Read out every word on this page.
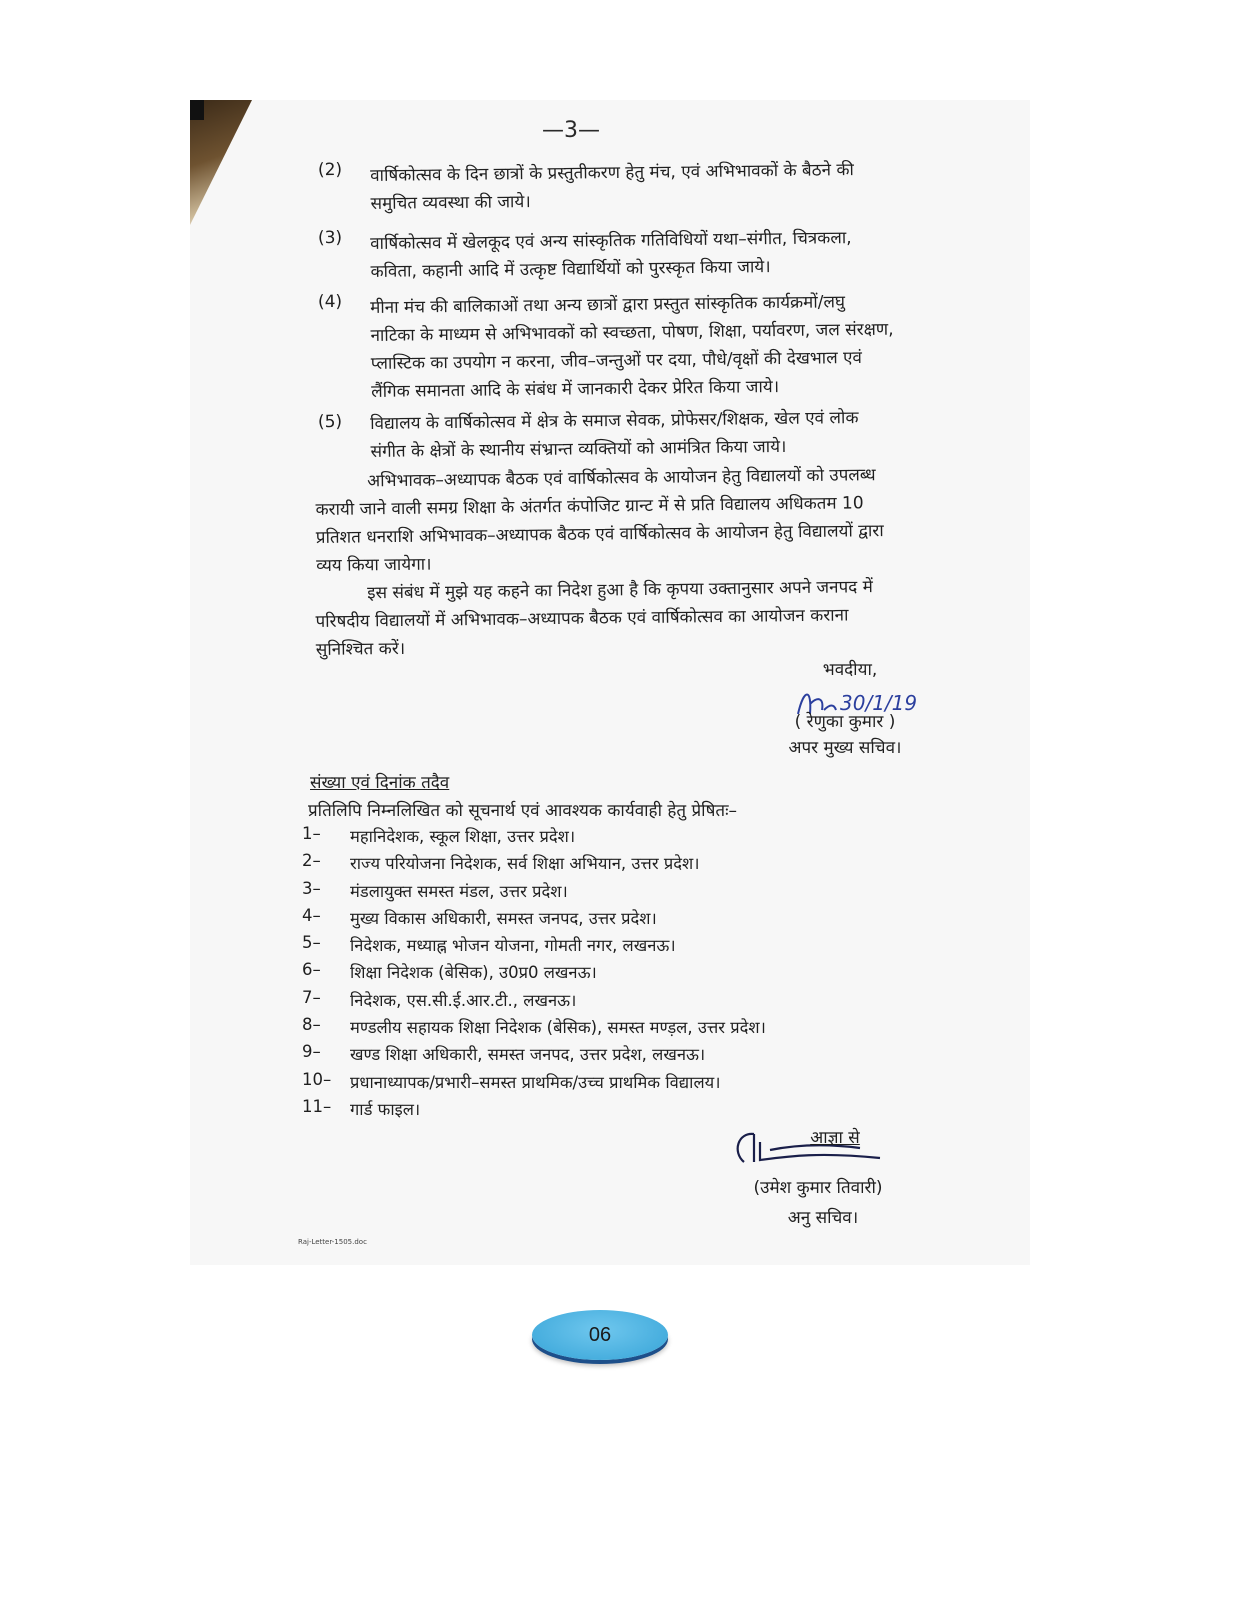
—3—
(2) वार्षिकोत्सव के दिन छात्रों के प्रस्तुतीकरण हेतु मंच, एवं अभिभावकों के बैठने की
समुचित व्यवस्था की जाये।
(3) वार्षिकोत्सव में खेलकूद एवं अन्य सांस्कृतिक गतिविधियों यथा–संगीत, चित्रकला,
कविता, कहानी आदि में उत्कृष्ट विद्यार्थियों को पुरस्कृत किया जाये।
(4) मीना मंच की बालिकाओं तथा अन्य छात्रों द्वारा प्रस्तुत सांस्कृतिक कार्यक्रमों/लघु
नाटिका के माध्यम से अभिभावकों को स्वच्छता, पोषण, शिक्षा, पर्यावरण, जल संरक्षण,
प्लास्टिक का उपयोग न करना, जीव–जन्तुओं पर दया, पौधे/वृक्षों की देखभाल एवं
लैंगिक समानता आदि के संबंध में जानकारी देकर प्रेरित किया जाये।
(5) विद्यालय के वार्षिकोत्सव में क्षेत्र के समाज सेवक, प्रोफेसर/शिक्षक, खेल एवं लोक
संगीत के क्षेत्रों के स्थानीय संभ्रान्त व्यक्तियों को आमंत्रित किया जाये।
अभिभावक–अध्यापक बैठक एवं वार्षिकोत्सव के आयोजन हेतु विद्यालयों को उपलब्ध
करायी जाने वाली समग्र शिक्षा के अंतर्गत कंपोजिट ग्रान्ट में से प्रति विद्यालय अधिकतम 10
प्रतिशत धनराशि अभिभावक–अध्यापक बैठक एवं वार्षिकोत्सव के आयोजन हेतु विद्यालयों द्वारा
व्यय किया जायेगा।
इस संबंध में मुझे यह कहने का निदेश हुआ है कि कृपया उक्तानुसार अपने जनपद में
परिषदीय विद्यालयों में अभिभावक–अध्यापक बैठक एवं वार्षिकोत्सव का आयोजन कराना
सुनिश्चित करें।
भवदीया,
30/1/19
( रेणुका कुमार )
अपर मुख्य सचिव।
संख्या एवं दिनांक तदैव
प्रतिलिपि निम्नलिखित को सूचनार्थ एवं आवश्यक कार्यवाही हेतु प्रेषितः–
1–	महानिदेशक, स्कूल शिक्षा, उत्तर प्रदेश।
2–	राज्य परियोजना निदेशक, सर्व शिक्षा अभियान, उत्तर प्रदेश।
3–	मंडलायुक्त समस्त मंडल, उत्तर प्रदेश।
4–	मुख्य विकास अधिकारी, समस्त जनपद, उत्तर प्रदेश।
5–	निदेशक, मध्याह्न भोजन योजना, गोमती नगर, लखनऊ।
6–	शिक्षा निदेशक (बेसिक), उ0प्र0 लखनऊ।
7–	निदेशक, एस.सी.ई.आर.टी., लखनऊ।
8–	मण्डलीय सहायक शिक्षा निदेशक (बेसिक), समस्त मण्ड़ल, उत्तर प्रदेश।
9–	खण्ड शिक्षा अधिकारी, समस्त जनपद, उत्तर प्रदेश, लखनऊ।
10–	प्रधानाध्यापक/प्रभारी–समस्त प्राथमिक/उच्च प्राथमिक विद्यालय।
11–	गार्ड फाइल।
आज्ञा से
(उमेश कुमार तिवारी)
अनु सचिव।
Raj-Letter-1505.doc
06
